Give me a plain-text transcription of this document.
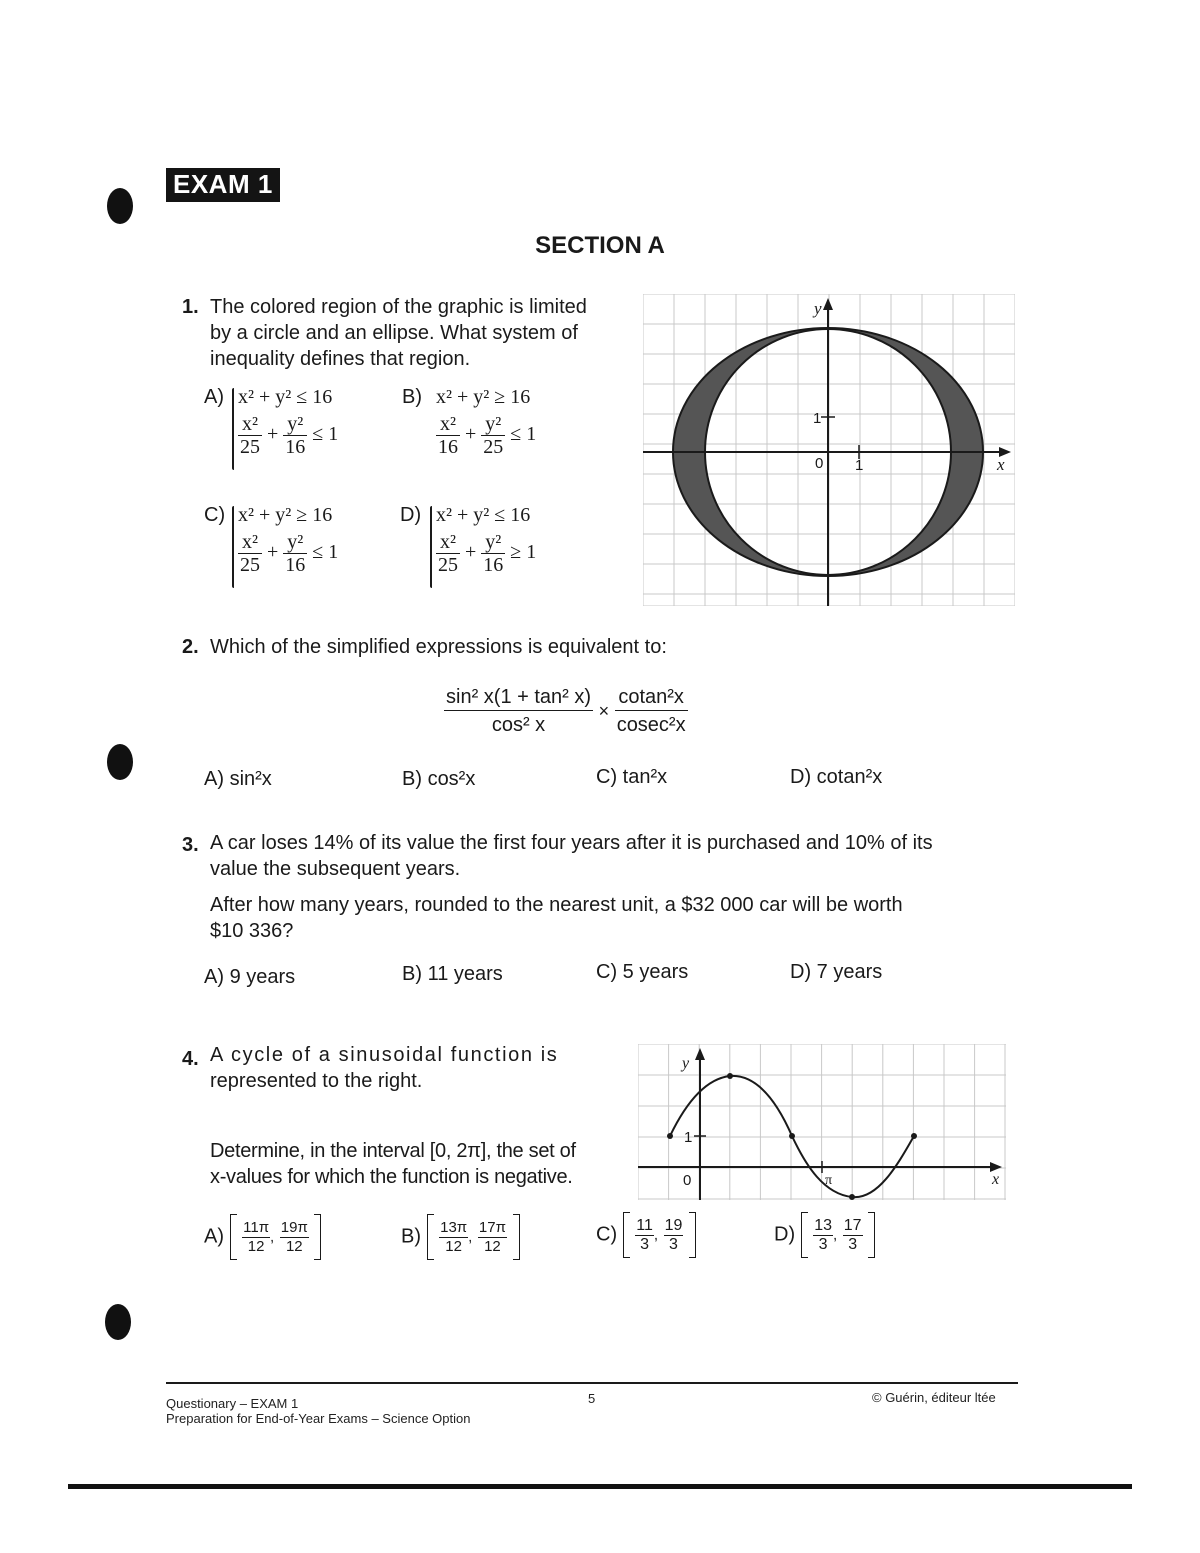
EXAM 1
SECTION A
1. The colored region of the graphic is limited
by a circle and an ellipse. What system of
inequality defines that region.
A) x² + y² ≤ 16
$\frac{\text{x²}}{25} + \frac{\text{y²}}{16} \le 1$
B) x² + y² ≥ 16
$\frac{\text{x²}}{16} + \frac{\text{y²}}{25} \le 1$
C) x² + y² ≥ 16
$\frac{\text{x²}}{25} + \frac{\text{y²}}{16} \le 1$
D) x² + y² ≤ 16
$\frac{\text{x²}}{25} + \frac{\text{y²}}{16} \ge 1$
y
x
0 1
1
2. Which of the simplified expressions is equivalent to:
$\frac{\text{sin² x(1 + tan² x)}}{\text{cos² x}} \times \frac{\text{cotan²x}}{\text{cosec²x}}$
A) sin²x	B) cos²x	C) tan²x	D) cotan²x
3. A car loses 14% of its value the first four years after it is purchased and 10% of its
value the subsequent years.
After how many years, rounded to the nearest unit, a $32 000 car will be worth
$10 336?
A) 9 years	B) 11 years	C) 5 years	D) 7 years
4. A cycle of a sinusoidal function is
represented to the right.
Determine, in the interval [0, 2π], the set of
x-values for which the function is negative.
y
x
0
1
π
$A) \frac{11\pi}{12}$ , $\frac{19\pi}{12}$
	$B) \frac{13\pi}{12}$ , $\frac{17\pi}{12}$
	$C) \frac{11}{3}$ , $\frac{19}{3}$
	$D) \frac{13}{3}$ , $\frac{17}{3}$

Questionary – EXAM 1
Preparation for End-of-Year Exams – Science Option
5	© Guérin, éditeur ltée
